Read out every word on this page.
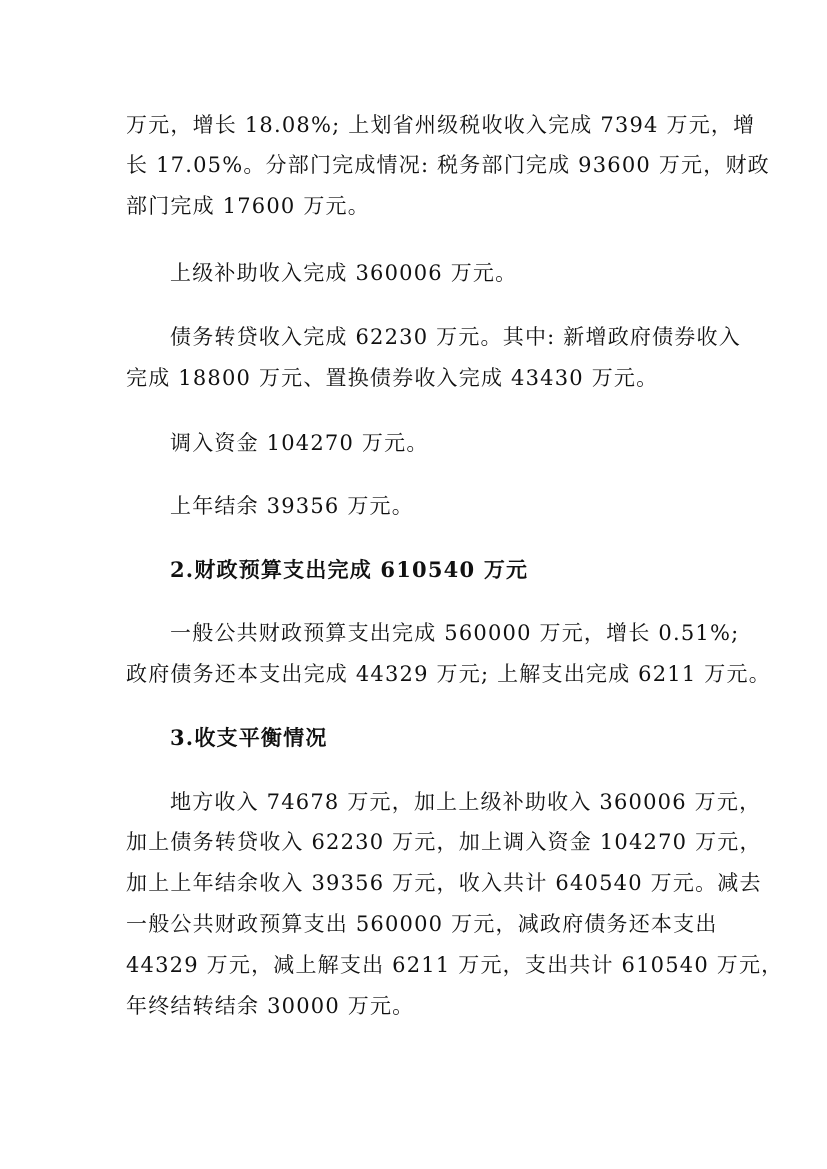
万元，增长 18.08%; 上划省州级税收收入完成 7394 万元，增
长 17.05%。分部门完成情况: 税务部门完成 93600 万元，财政
部门完成 17600 万元。
上级补助收入完成 360006 万元。
债务转贷收入完成 62230 万元。其中: 新增政府债券收入
完成 18800 万元、置换债券收入完成 43430 万元。
调入资金 104270 万元。
上年结余 39356 万元。
2.财政预算支出完成 610540 万元
一般公共财政预算支出完成 560000 万元，增长 0.51%;
政府债务还本支出完成 44329 万元; 上解支出完成 6211 万元。
3.收支平衡情况
地方收入 74678 万元，加上上级补助收入 360006 万元，
加上债务转贷收入 62230 万元，加上调入资金 104270 万元，
加上上年结余收入 39356 万元，收入共计 640540 万元。减去
一般公共财政预算支出 560000 万元，减政府债务还本支出
44329 万元，减上解支出 6211 万元，支出共计 610540 万元，
年终结转结余 30000 万元。
